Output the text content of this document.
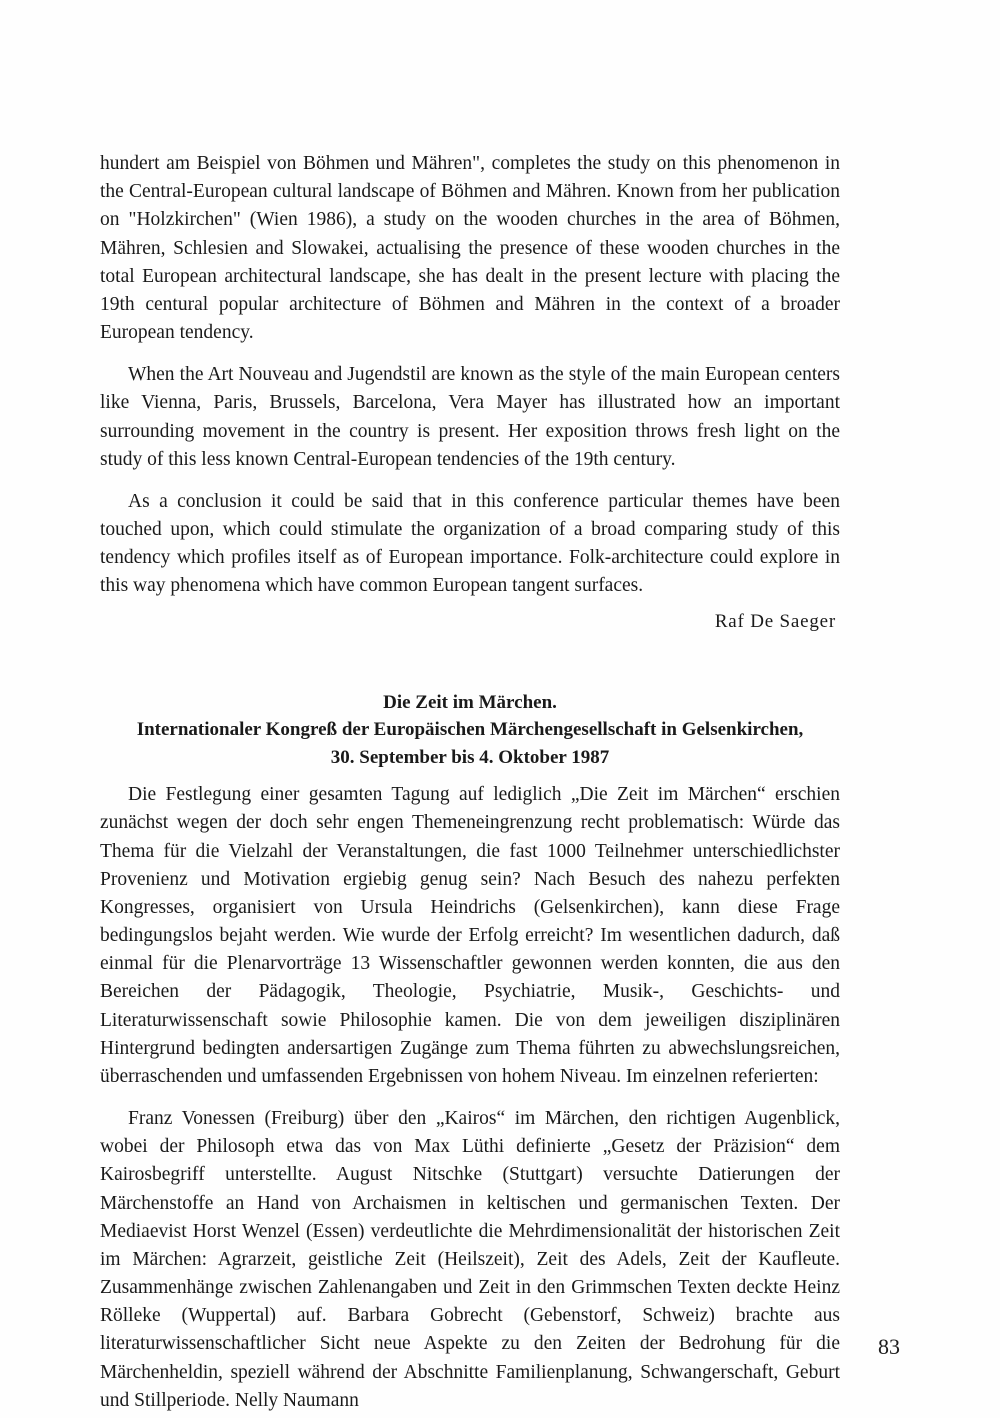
hundert am Beispiel von Böhmen und Mähren", completes the study on this phenomenon in the Central-European cultural landscape of Böhmen and Mähren. Known from her publication on "Holzkirchen" (Wien 1986), a study on the wooden churches in the area of Böhmen, Mähren, Schlesien and Slowakei, actualising the presence of these wooden churches in the total European architectural landscape, she has dealt in the present lecture with placing the 19th centural popular architecture of Böhmen and Mähren in the context of a broader European tendency.

When the Art Nouveau and Jugendstil are known as the style of the main European centers like Vienna, Paris, Brussels, Barcelona, Vera Mayer has illustrated how an important surrounding movement in the country is present. Her exposition throws fresh light on the study of this less known Central-European tendencies of the 19th century.

As a conclusion it could be said that in this conference particular themes have been touched upon, which could stimulate the organization of a broad comparing study of this tendency which profiles itself as of European importance. Folk-architecture could explore in this way phenomena which have common European tangent surfaces.

Raf De Saeger
Die Zeit im Märchen.
Internationaler Kongreß der Europäischen Märchengesellschaft in Gelsenkirchen,
30. September bis 4. Oktober 1987

Die Festlegung einer gesamten Tagung auf lediglich „Die Zeit im Märchen“ erschien zunächst wegen der doch sehr engen Themeneingrenzung recht problematisch: Würde das Thema für die Vielzahl der Veranstaltungen, die fast 1000 Teilnehmer unterschiedlichster Provenienz und Motivation ergiebig genug sein? Nach Besuch des nahezu perfekten Kongresses, organisiert von Ursula Heindrichs (Gelsenkirchen), kann diese Frage bedingungslos bejaht werden. Wie wurde der Erfolg erreicht? Im wesentlichen dadurch, daß einmal für die Plenarvorträge 13 Wissenschaftler gewonnen werden konnten, die aus den Bereichen der Pädagogik, Theologie, Psychiatrie, Musik-, Geschichts- und Literaturwissenschaft sowie Philosophie kamen. Die von dem jeweiligen disziplinären Hintergrund bedingten andersartigen Zugänge zum Thema führten zu abwechslungsreichen, überraschenden und umfassenden Ergebnissen von hohem Niveau. Im einzelnen referierten:

Franz Vonessen (Freiburg) über den „Kairos“ im Märchen, den richtigen Augenblick, wobei der Philosoph etwa das von Max Lüthi definierte „Gesetz der Präzision“ dem Kairosbegriff unterstellte. August Nitschke (Stuttgart) versuchte Datierungen der Märchenstoffe an Hand von Archaismen in keltischen und germanischen Texten. Der Mediaevist Horst Wenzel (Essen) verdeutlichte die Mehrdimensionalität der historischen Zeit im Märchen: Agrarzeit, geistliche Zeit (Heilszeit), Zeit des Adels, Zeit der Kaufleute. Zusammenhänge zwischen Zahlenangaben und Zeit in den Grimmschen Texten deckte Heinz Rölleke (Wuppertal) auf. Barbara Gobrecht (Gebenstorf, Schweiz) brachte aus literaturwissenschaftlicher Sicht neue Aspekte zu den Zeiten der Bedrohung für die Märchenheldin, speziell während der Abschnitte Familienplanung, Schwangerschaft, Geburt und Stillperiode. Nelly Naumann

83
